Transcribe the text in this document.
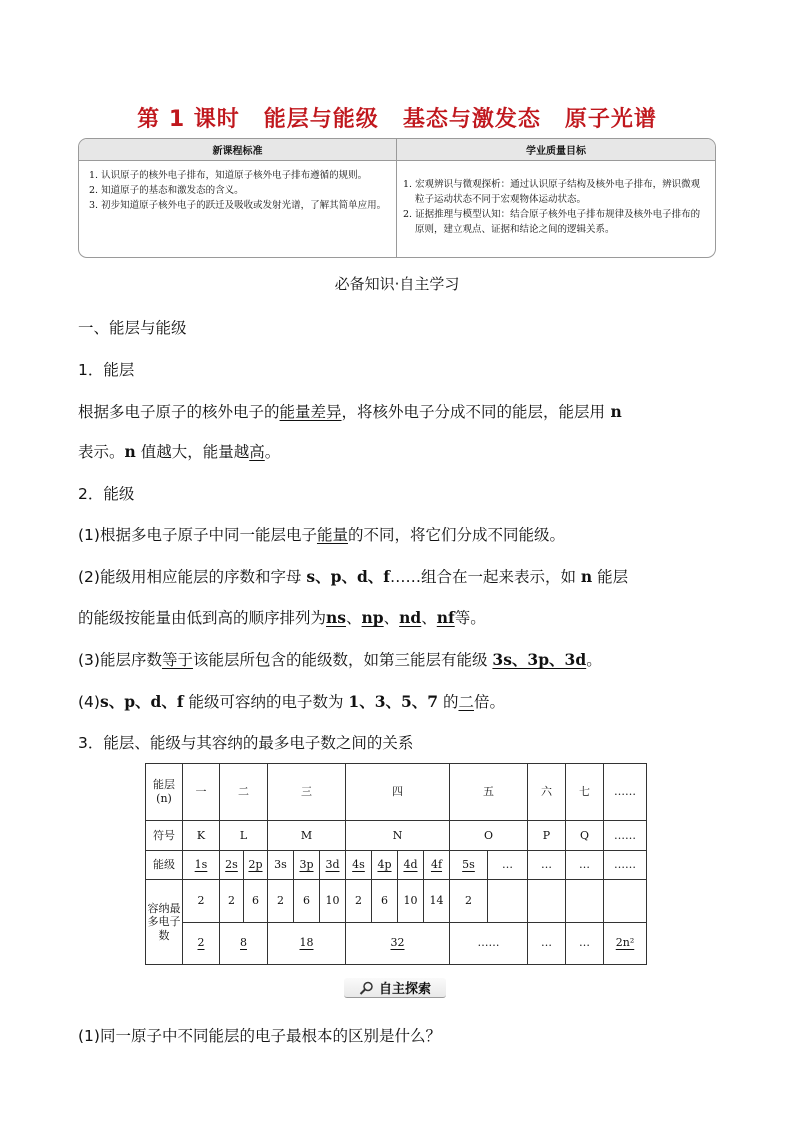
第 1 课时 能层与能级 基态与激发态 原子光谱
新课程标准	学业质量目标

1. 认识原子的核外电子排布，知道原子核外电子排布遵循的规则。

2. 知道原子的基态和激发态的含义。

3. 初步知道原子核外电子的跃迁及吸收或发射光谱，了解其简单应用。

1. 宏观辨识与微观探析：通过认识原子结构及核外电子排布，辨识微观粒子运动状态不同于宏观物体运动状态。

2. 证据推理与模型认知：结合原子核外电子排布规律及核外电子排布的原则，建立观点、证据和结论之间的逻辑关系。

必备知识·自主学习
一、能层与能级
1．能层
根据多电子原子的核外电子的能量差异，将核外电子分成不同的能层，能层用 n
表示。n 值越大，能量越高。
2．能级
(1)根据多电子原子中同一能层电子能量的不同，将它们分成不同能级。
(2)能级用相应能层的序数和字母 s、p、d、f……组合在一起来表示，如 n 能层
的能级按能量由低到高的顺序排列为ns、np、nd、nf等。
(3)能层序数等于该能层所包含的能级数，如第三能层有能级 3s、3p、3d。
(4)s、p、d、f 能级可容纳的电子数为 1、3、5、7 的二倍。
3．能层、能级与其容纳的最多电子数之间的关系
能层
(n)	一	二		三			四				五		六	七	……
符号	K	L		M			N				O		P	Q	……
能级	1s	2s	2p	3s	3p	3d	4s	4p	4d	4f	5s	…	…	…	……
容纳最
多电子
数	2	2	6	2	6	10	2	6	10	14	2				
	2	8		18			32				……		…	…	2n²
自主探索
(1)同一原子中不同能层的电子最根本的区别是什么？
